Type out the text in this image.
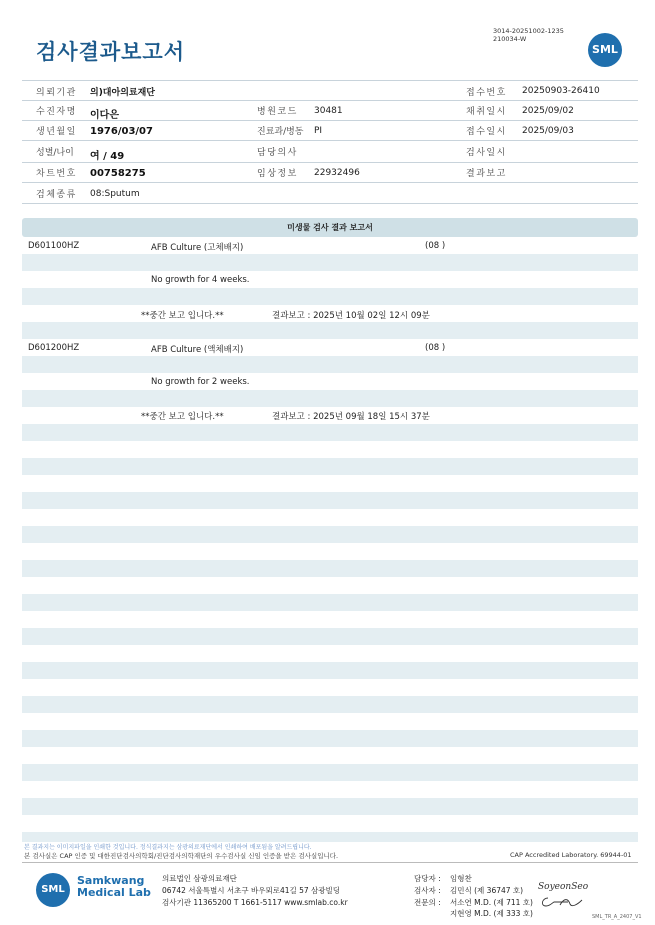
검사결과보고서
3014-20251002-1235
210034-W
SML
의뢰기관 의)대아의료재단	접수번호 20250903-26410
수진자명 이다은	병원코드 30481	채취일시 2025/09/02
생년월일 1976/03/07	진료과/병동 PI	접수일시 2025/09/03
성별/나이 여 / 49	담당의사	검사일시
차트번호 00758275	임상정보 22932496	결과보고
검체종류 08:Sputum
미생물 검사 결과 보고서
D601100HZ	AFB Culture (고체배지)	(08 )
No growth for 4 weeks.
**중간 보고 입니다.**	결과보고 : 2025년 10월 02일 12시 09분
D601200HZ	AFB Culture (액체배지)	(08 )
No growth for 2 weeks.
**중간 보고 입니다.**	결과보고 : 2025년 09월 18일 15시 37분
본 결과지는 이미지파일을 인쇄한 것입니다. 정식결과지는 삼광의료재단에서 인쇄하여 배포됨을 알려드립니다.
본 검사실은 CAP 인증 및 대한진단검사의학회/진단검사의학재단의 우수검사실 신임 인증을 받은 검사실입니다.	CAP Accredited Laboratory. 69944-01
SML
Samkwang
Medical Lab
의료법인 삼광의료재단
06742 서울특별시 서초구 바우뫼로41길 57 삼광빌딩
검사기관 11365200 T 1661-5117 www.smlab.co.kr
담당자 : 임형찬
검사자 : 김민식 (제 36747 호)
전문의 : 서소연 M.D. (제 711 호)
지현영 M.D. (제 333 호)
SoyeonSeo
SML_TR_A_2407_V1
